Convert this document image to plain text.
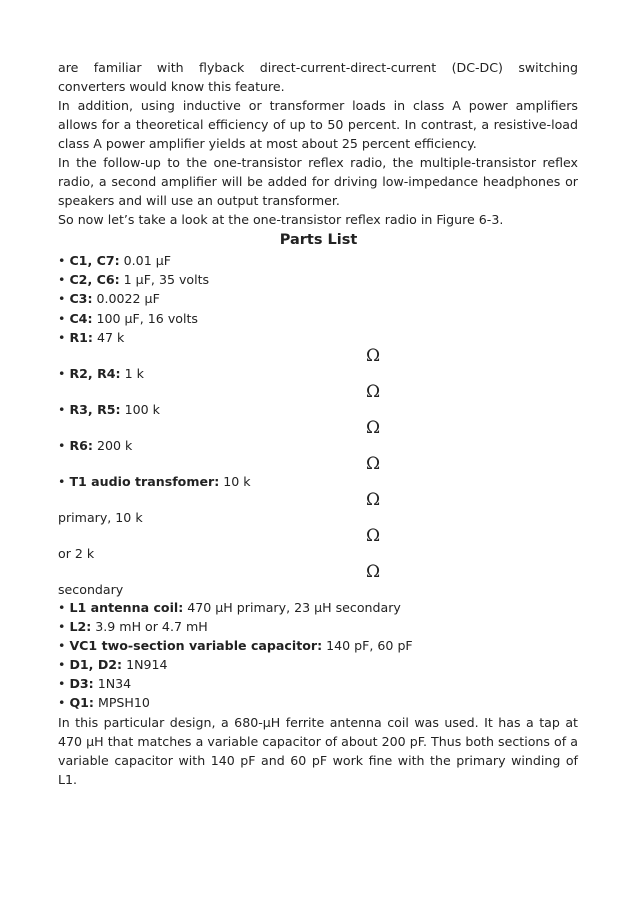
are familiar with flyback direct-current-direct-current (DC-DC) switching converters would know this feature.

In addition, using inductive or transformer loads in class A power amplifiers allows for a theoretical efficiency of up to 50 percent. In contrast, a resistive-load class A power amplifier yields at most about 25 percent efficiency.

In the follow-up to the one-transistor reflex radio, the multiple-transistor reflex radio, a second amplifier will be added for driving low-impedance headphones or speakers and will use an output transformer.

So now let’s take a look at the one-transistor reflex radio in Figure 6-3.

Parts List
• C1, C7: 0.01 µF
• C2, C6: 1 µF, 35 volts
• C3: 0.0022 µF
• C4: 100 µF, 16 volts
• R1: 47 k
Ω
• R2, R4: 1 k
Ω
• R3, R5: 100 k
Ω
• R6: 200 k
Ω
• T1 audio transfomer: 10 k
Ω
primary, 10 k
Ω
or 2 k
Ω
secondary
• L1 antenna coil: 470 µH primary, 23 µH secondary
• L2: 3.9 mH or 4.7 mH
• VC1 two-section variable capacitor: 140 pF, 60 pF
• D1, D2: 1N914
• D3: 1N34
• Q1: MPSH10

In this particular design, a 680-µH ferrite antenna coil was used. It has a tap at 470 µH that matches a variable capacitor of about 200 pF. Thus both sections of a variable capacitor with 140 pF and 60 pF work fine with the primary winding of L1.
